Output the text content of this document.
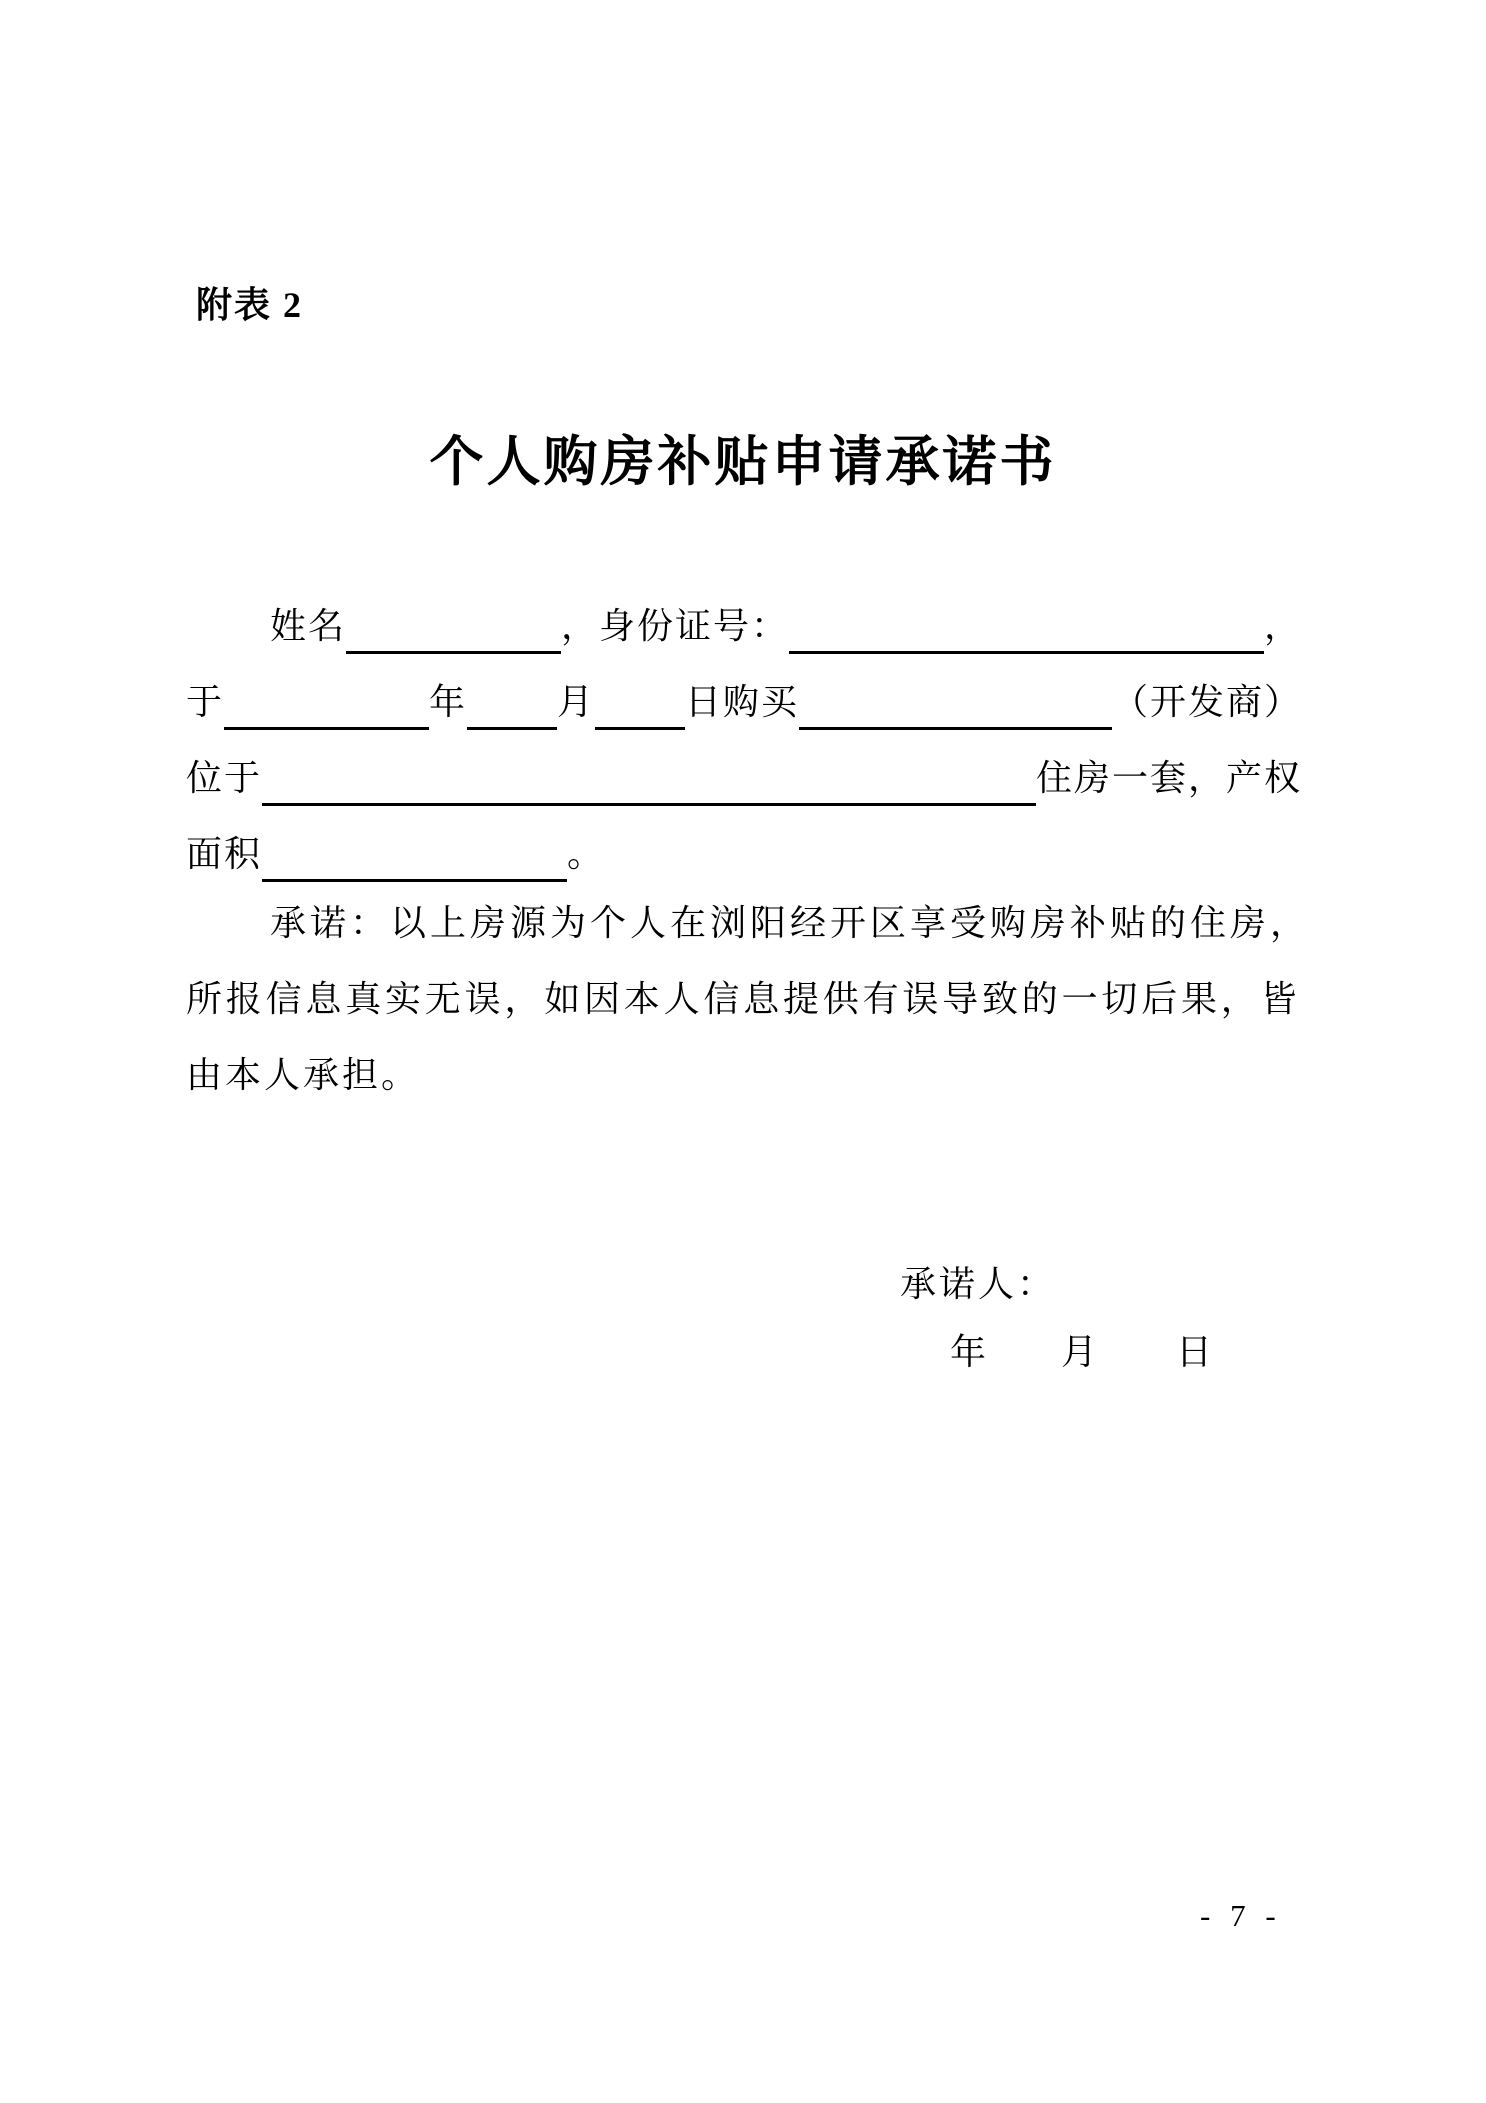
附表 2
个人购房补贴申请承诺书
姓名	，身份证号：	，
于	年	月	日购买	（开发商）
位于	住房一套，产权
面积	。
承诺：以上房源为个人在浏阳经开区享受购房补贴的住房，
所报信息真实无误，如因本人信息提供有误导致的一切后果，皆
由本人承担。
承诺人：
年 月 日
- 7 -
